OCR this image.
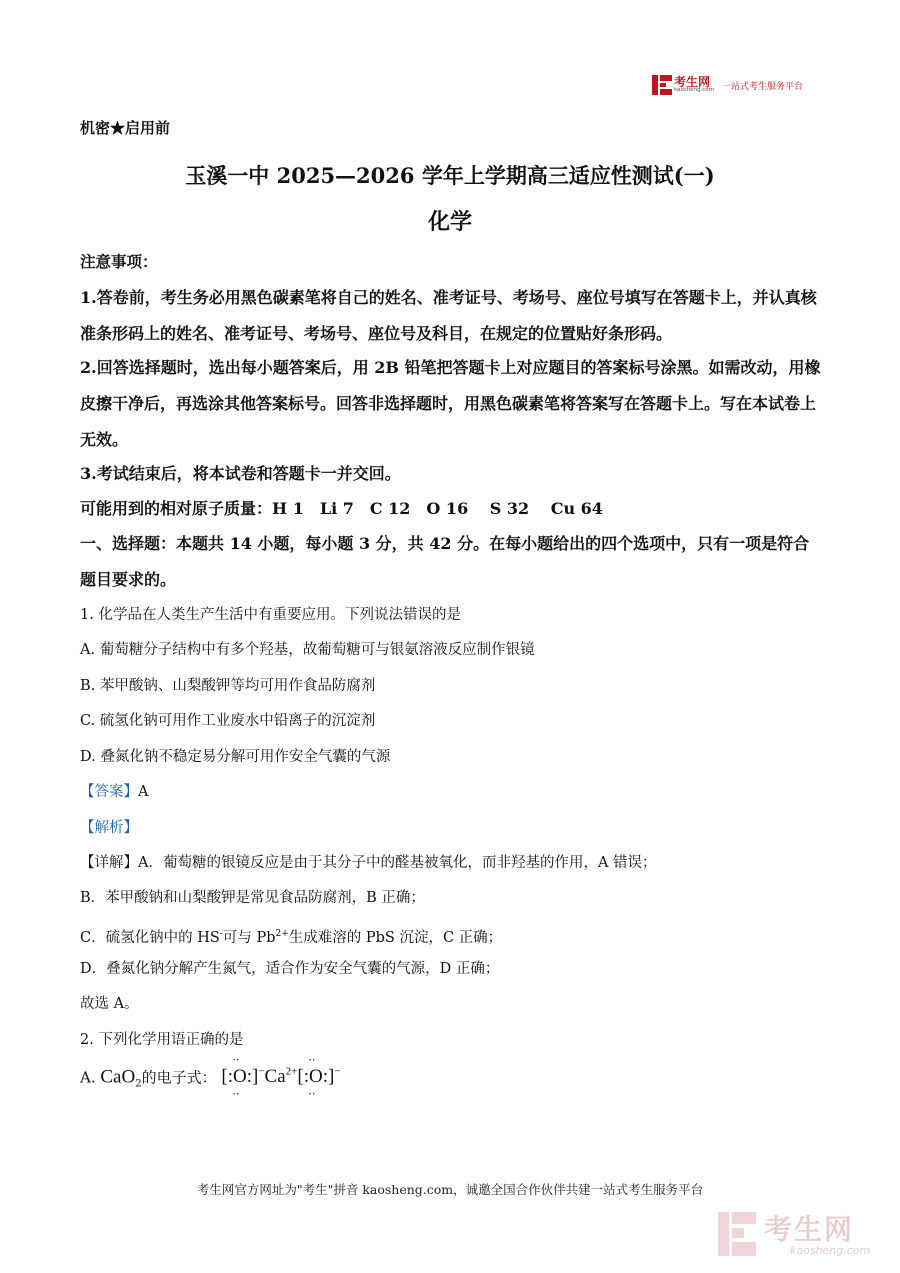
考生网
kaosheng.com 一站式考生服务平台
机密★启用前
玉溪一中 2025—2026 学年上学期高三适应性测试(一)
化学
注意事项：
1.答卷前，考生务必用黑色碳素笔将自己的姓名、准考证号、考场号、座位号填写在答题卡上，并认真核准条形码上的姓名、准考证号、考场号、座位号及科目，在规定的位置贴好条形码。
2.回答选择题时，选出每小题答案后，用 2B 铅笔把答题卡上对应题目的答案标号涂黑。如需改动，用橡皮擦干净后，再选涂其他答案标号。回答非选择题时，用黑色碳素笔将答案写在答题卡上。写在本试卷上无效。
3.考试结束后，将本试卷和答题卡一并交回。
可能用到的相对原子质量：H 1　Li 7　C 12　O 16　 S 32　 Cu 64
一、选择题：本题共 14 小题，每小题 3 分，共 42 分。在每小题给出的四个选项中，只有一项是符合题目要求的。
1. 化学品在人类生产生活中有重要应用。下列说法错误的是
A. 葡萄糖分子结构中有多个羟基，故葡萄糖可与银氨溶液反应制作银镜
B. 苯甲酸钠、山梨酸钾等均可用作食品防腐剂
C. 硫氢化钠可用作工业废水中铅离子的沉淀剂
D. 叠氮化钠不稳定易分解可用作安全气囊的气源
【答案】A
【解析】
【详解】A．葡萄糖的银镜反应是由于其分子中的醛基被氧化，而非羟基的作用，A 错误；
B．苯甲酸钠和山梨酸钾是常见食品防腐剂，B 正确；
C．硫氢化钠中的 HS-可与 $Pb^{2+}$生成难溶的 PbS 沉淀，C 正确；
D．叠氮化钠分解产生氮气，适合作为安全气囊的气源，D 正确；
故选 A。
2. 下列化学用语正确的是
A. CaO$_2$的电子式： [:• • O • $•:]^-Ca^{2+}[:•$ • O • •:]−
考生网官方网址为"考生"拼音 kaosheng.com，诚邀全国合作伙伴共建一站式考生服务平台
考生网
kaosheng.com
